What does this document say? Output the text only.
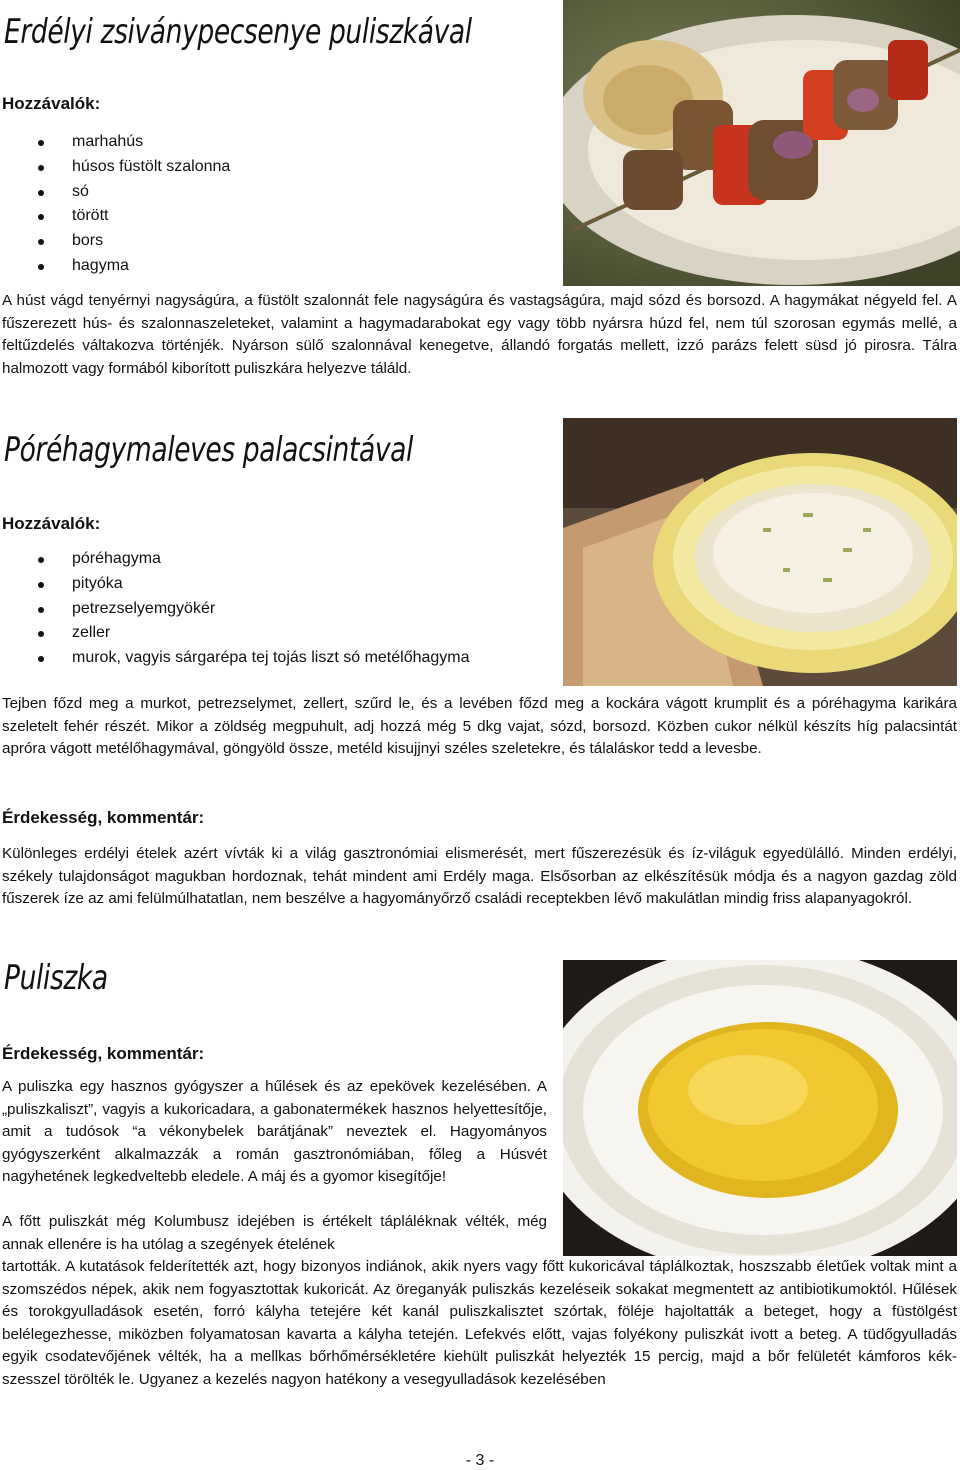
Erdélyi zsiványpecsenye puliszkával
Hozzávalók:
marhahús
húsos füstölt szalonna
só
törött
bors
hagyma

A húst vágd tenyérnyi nagyságúra, a füstölt szalonnát fele nagyságúra és vastagságúra, majd sózd és borsozd. A hagymákat négyeld fel. A fűszerezett hús- és szalonnaszeleteket, valamint a hagymadarabokat egy vagy több nyársra húzd fel, nem túl szorosan egymás mellé, a feltűzdelés váltakozva történjék. Nyárson sülő szalonnával kenegetve, állandó forgatás mellett, izzó parázs felett süsd jó pirosra. Tálra halmozott vagy formából kiborított puliszkára helyezve táláld.

Póréhagymaleves palacsintával
Hozzávalók:
póréhagyma
pityóka
petrezselyemgyökér
zeller
murok, vagyis sárgarépa tej tojás liszt só metélőhagyma

Tejben főzd meg a murkot, petrezselymet, zellert, szűrd le, és a levében főzd meg a kockára vágott krumplit és a póréhagyma karikára szeletelt fehér részét. Mikor a zöldség megpuhult, adj hozzá még 5 dkg vajat, sózd, borsozd. Közben cukor nélkül készíts híg palacsintát apróra vágott metélőhagymával, göngyöld össze, metéld kisujjnyi széles szeletekre, és tálaláskor tedd a levesbe.

Érdekesség, kommentár:

Különleges erdélyi ételek azért vívták ki a világ gasztronómiai elismerését, mert fűszerezésük és íz-világuk egyedülálló. Minden erdélyi, székely tulajdonságot magukban hordoznak, tehát mindent ami Erdély maga. Elsősorban az elkészítésük módja és a nagyon gazdag zöld fűszerek íze az ami felülmúlhatatlan, nem beszélve a hagyományőrző családi receptekben lévő makulátlan mindig friss alapanyagokról.

Puliszka
Érdekesség, kommentár:

A puliszka egy hasznos gyógyszer a hűlések és az epekövek kezelésében. A „puliszkaliszt”, vagyis a kukoricadara, a gabonatermékek hasznos helyettesítője, amit a tudósok “a vékonybelek barátjának” neveztek el. Hagyományos gyógyszerként alkalmazzák a román gasztronómiában, főleg a Húsvét nagyhetének legkedveltebb eledele. A máj és a gyomor kisegítője!

A főtt puliszkát még Kolumbusz idejében is értékelt tápláléknak vélték, még annak ellenére is ha utólag a szegények ételének

tartották. A kutatások felderítették azt, hogy bizonyos indiánok, akik nyers vagy főtt kukoricával táplálkoztak, hoszszabb életűek voltak mint a szomszédos népek, akik nem fogyasztottak kukoricát. Az öreganyák puliszkás kezeléseik sokakat megmentett az antibiotikumoktól. Hűlések és torokgyulladások esetén, forró kályha tetejére két kanál puliszkalisztet szórtak, föléje hajoltatták a beteget, hogy a füstölgést belélegezhesse, miközben folyamatosan kavarta a kályha tetején. Lefekvés előtt, vajas folyékony puliszkát ivott a beteg. A tüdőgyulladás egyik csodatevőjének vélték, ha a mellkas bőrhőmérsékletére kiehült puliszkát helyezték 15 percig, majd a bőr felületét kámforos kék-szesszel törölték le. Ugyanez a kezelés nagyon hatékony a vesegyulladások kezelésében

- 3 -
